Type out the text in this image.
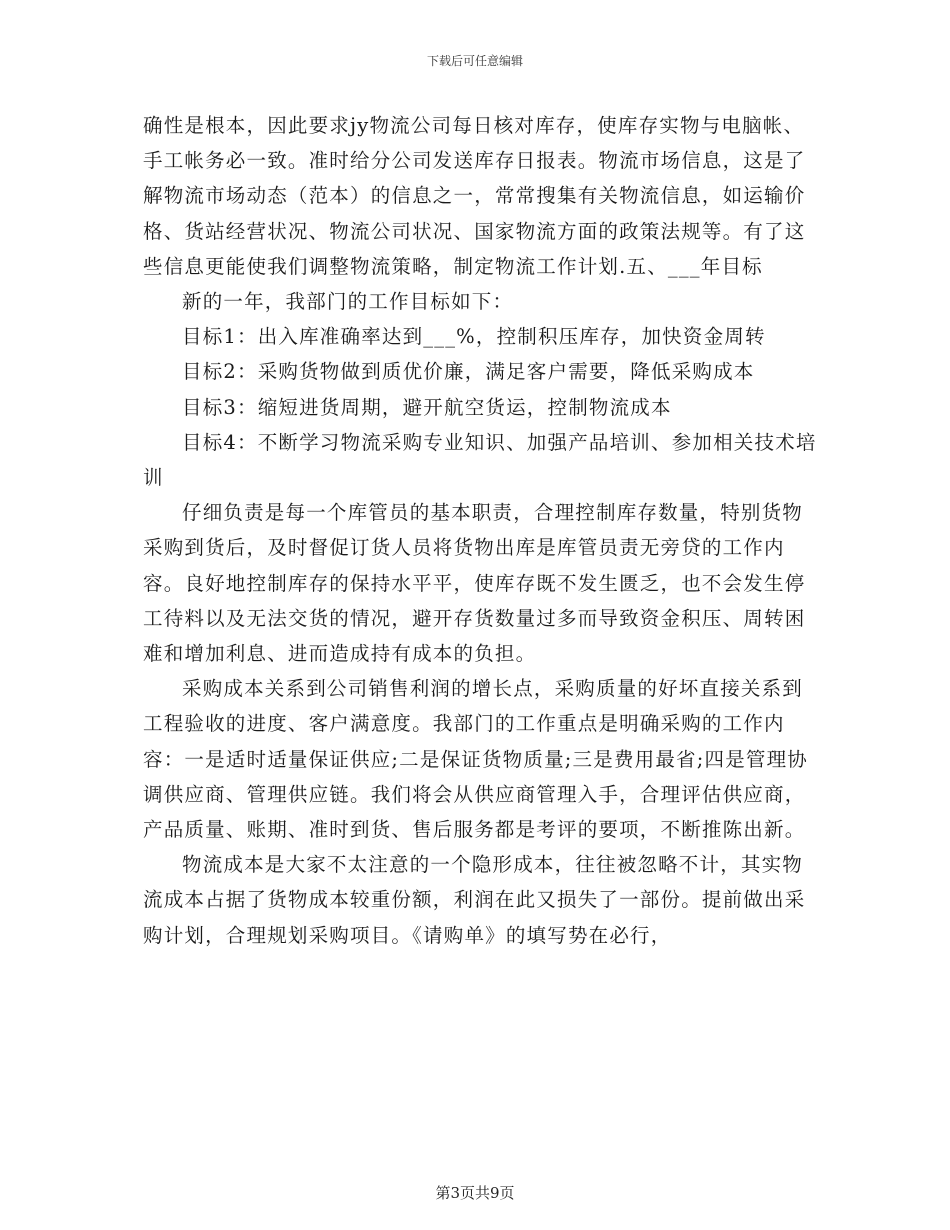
下载后可任意编辑

确性是根本，因此要求jy物流公司每日核对库存，使库存实物与电脑帐、手工帐务必一致。准时给分公司发送库存日报表。物流市场信息，这是了解物流市场动态（范本）的信息之一，常常搜集有关物流信息，如运输价格、货站经营状况、物流公司状况、国家物流方面的政策法规等。有了这些信息更能使我们调整物流策略，制定物流工作计划.五、___年目标

新的一年，我部门的工作目标如下：

目标1：出入库准确率达到___%，控制积压库存，加快资金周转

目标2：采购货物做到质优价廉，满足客户需要，降低采购成本

目标3：缩短进货周期，避开航空货运，控制物流成本

目标4：不断学习物流采购专业知识、加强产品培训、参加相关技术培训

仔细负责是每一个库管员的基本职责，合理控制库存数量，特别货物采购到货后，及时督促订货人员将货物出库是库管员责无旁贷的工作内容。良好地控制库存的保持水平平，使库存既不发生匮乏，也不会发生停工待料以及无法交货的情况，避开存货数量过多而导致资金积压、周转困难和增加利息、进而造成持有成本的负担。

采购成本关系到公司销售利润的增长点，采购质量的好坏直接关系到工程验收的进度、客户满意度。我部门的工作重点是明确采购的工作内容：一是适时适量保证供应;二是保证货物质量;三是费用最省;四是管理协调供应商、管理供应链。我们将会从供应商管理入手，合理评估供应商，产品质量、账期、准时到货、售后服务都是考评的要项，不断推陈出新。

物流成本是大家不太注意的一个隐形成本，往往被忽略不计，其实物流成本占据了货物成本较重份额，利润在此又损失了一部份。提前做出采购计划，合理规划采购项目。《请购单》的填写势在必行，

第3页共9页
